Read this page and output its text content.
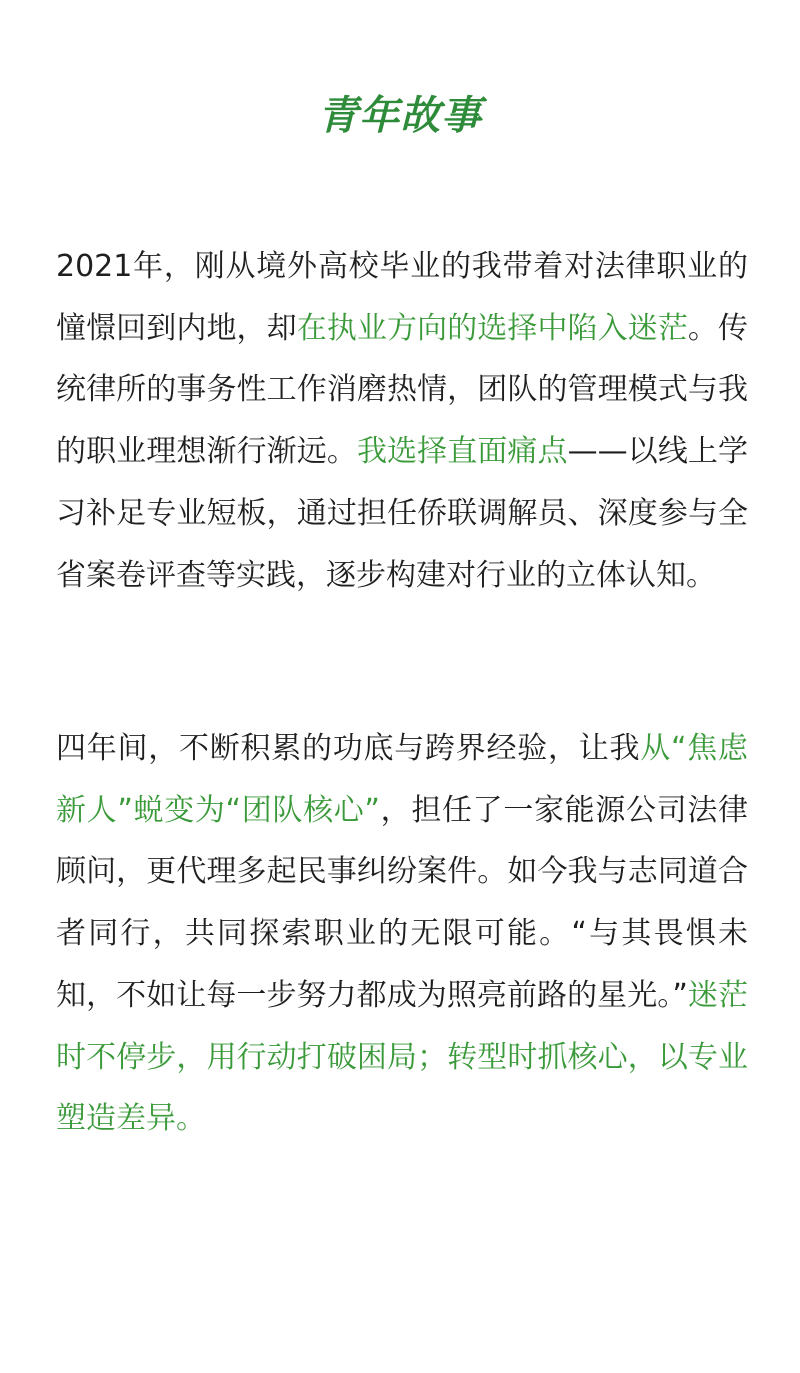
青年故事

2021年，刚从境外高校毕业的我带着对法律职业的憧憬回到内地，却在执业方向的选择中陷入迷茫。传统律所的事务性工作消磨热情，团队的管理模式与我的职业理想渐行渐远。我选择直面痛点——以线上学习补足专业短板，通过担任侨联调解员、深度参与全省案卷评查等实践，逐步构建对行业的立体认知。

四年间，不断积累的功底与跨界经验，让我从“焦虑新人”蜕变为“团队核心”，担任了一家能源公司法律顾问，更代理多起民事纠纷案件。如今我与志同道合者同行，共同探索职业的无限可能。“与其畏惧未知，不如让每一步努力都成为照亮前路的星光。”迷茫时不停步，用行动打破困局；转型时抓核心，以专业塑造差异。
